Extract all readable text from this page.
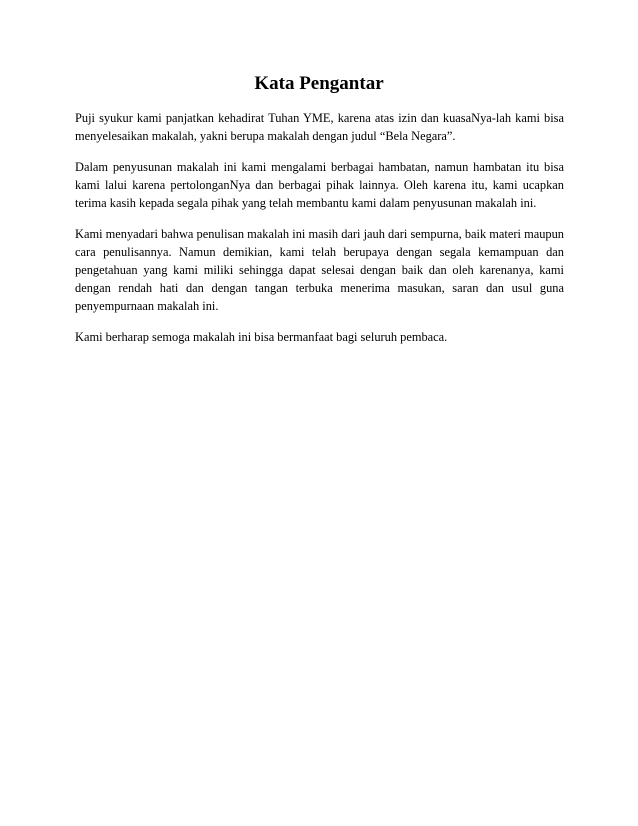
Kata Pengantar

Puji syukur kami panjatkan kehadirat Tuhan YME, karena atas izin dan kuasaNya-lah kami bisa menyelesaikan makalah, yakni berupa makalah dengan judul “Bela Negara”.

Dalam penyusunan makalah ini kami mengalami berbagai hambatan, namun hambatan itu bisa kami lalui karena pertolonganNya dan berbagai pihak lainnya. Oleh karena itu, kami ucapkan terima kasih kepada segala pihak yang telah membantu kami dalam penyusunan makalah ini.

Kami menyadari bahwa penulisan makalah ini masih dari jauh dari sempurna, baik materi maupun cara penulisannya. Namun demikian, kami telah berupaya dengan segala kemampuan dan pengetahuan yang kami miliki sehingga dapat selesai dengan baik dan oleh karenanya, kami dengan rendah hati dan dengan tangan terbuka menerima masukan, saran dan usul guna penyempurnaan makalah ini.

Kami berharap semoga makalah ini bisa bermanfaat bagi seluruh pembaca.
